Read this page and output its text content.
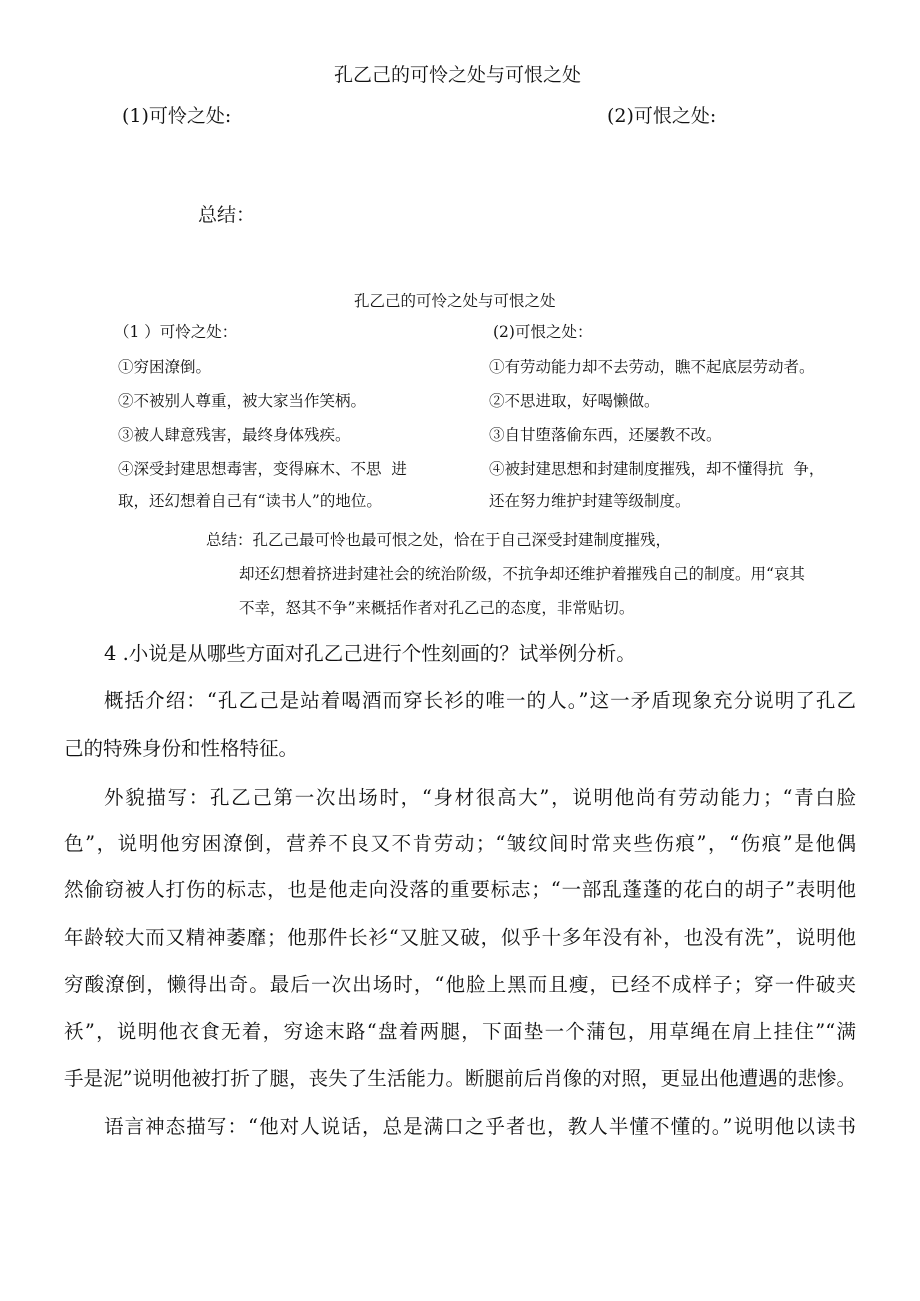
孔乙己的可怜之处与可恨之处
(1)可怜之处:	(2)可恨之处:
总结：
孔乙己的可怜之处与可恨之处
（1 ）可怜之处：	(2)可恨之处：
①穷困潦倒。
②不被别人尊重，被大家当作笑柄。
③被人肆意残害，最终身体残疾。
④深受封建思想毒害，变得麻木、不思  进
取，还幻想着自己有“读书人”的地位。
①有劳动能力却不去劳动，瞧不起底层劳动者。
②不思进取，好喝懒做。
③自甘堕落偷东西，还屡教不改。
④被封建思想和封建制度摧残，却不懂得抗  争，
还在努力维护封建等级制度。
总结：孔乙己最可怜也最可恨之处，恰在于自己深受封建制度摧残，
却还幻想着挤进封建社会的统治阶级，不抗争却还维护着摧残自己的制度。用“哀其
不幸，怒其不争”来概括作者对孔乙己的态度，非常贴切。
4 .小说是从哪些方面对孔乙己进行个性刻画的？试举例分析。
概括介绍：“孔乙己是站着喝酒而穿长衫的唯一的人。”这一矛盾现象充分说明了孔乙
己的特殊身份和性格特征。
外貌描写：孔乙己第一次出场时，“身材很高大”，说明他尚有劳动能力；“青白脸
色”，说明他穷困潦倒，营养不良又不肯劳动；“皱纹间时常夹些伤痕”，“伤痕”是他偶
然偷窃被人打伤的标志，也是他走向没落的重要标志；“一部乱蓬蓬的花白的胡子”表明他
年龄较大而又精神萎靡；他那件长衫“又脏又破，似乎十多年没有补，也没有洗”，说明他
穷酸潦倒，懒得出奇。最后一次出场时，“他脸上黑而且瘦，已经不成样子；穿一件破夹
袄”，说明他衣食无着，穷途末路“盘着两腿，下面垫一个蒲包，用草绳在肩上挂住”“满
手是泥”说明他被打折了腿，丧失了生活能力。断腿前后肖像的对照，更显出他遭遇的悲惨。
语言神态描写：“他对人说话，总是满口之乎者也，教人半懂不懂的。”说明他以读书
